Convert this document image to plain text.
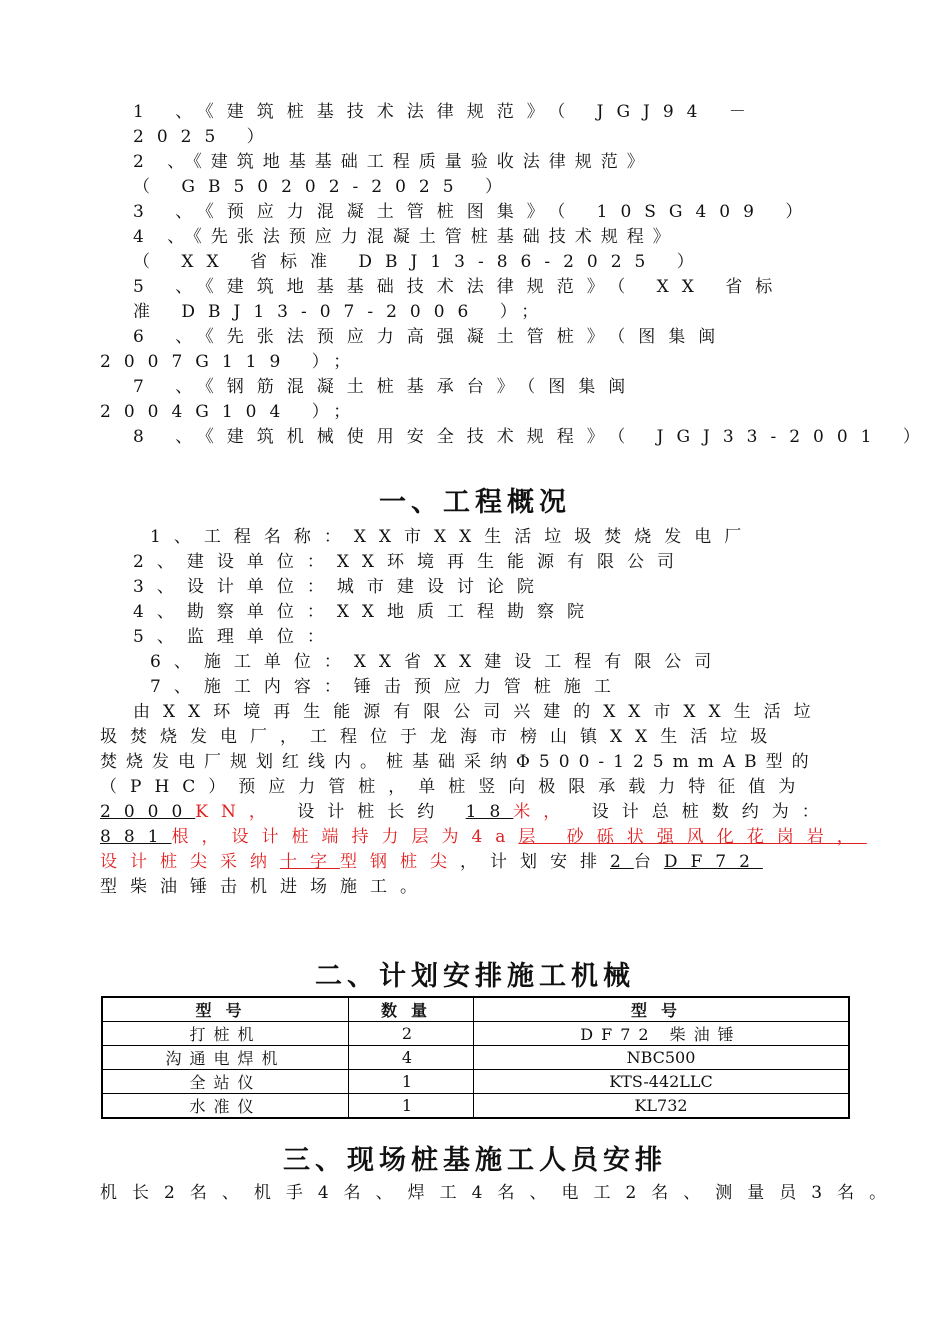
1 、《建筑桩基技术法律规范》（ JGJ94 －
2025 ）
2 、《建筑地基基础工程质量验收法律规范》
（ GB50202-2025 ）
3 、《预应力混凝土管桩图集》（ 10SG409 ）
4 、《先张法预应力混凝土管桩基础技术规程》
（ XX 省标准 DBJ13-86-2025 ）
5 、《建筑地基基础技术法律规范》（ XX 省标
准 DBJ13-07-2006 ）；
6 、《先张法预应力高强凝土管桩》（图集闽
2007G119 ）；
7 、《钢筋混凝土桩基承台》（图集闽
2004G104 ）；
8 、《建筑机械使用安全技术规程》（ JGJ33-2001 ）
一、工程概况
1、工程名称：XX市XX生活垃圾焚烧发电厂
2、建设单位：XX环境再生能源有限公司
3、设计单位：城市建设讨论院
4、勘察单位：XX地质工程勘察院
5、监理单位：
6、施工单位：XX省XX建设工程有限公司
7、施工内容：锤击预应力管桩施工
由XX环境再生能源有限公司兴建的XX市XX生活垃
圾焚烧发电厂，工程位于龙海市榜山镇XX生活垃圾
焚烧发电厂规划红线内。桩基础采纳Φ500-125mmAB型的
（PHC）预应力管桩，单桩竖向极限承载力特征值为
2000KN， 设计桩长约 18米， 设计总桩数约为：
881根，设计桩端持力层为4a层 砂砾状强风化花岗岩，
设计桩尖采纳十字型钢桩尖，计划安排2台DF72
型柴油锤击机进场施工。
二、计划安排施工机械
型号	数量	型号
打桩机	2	DF72 柴油锤
沟通电焊机	4	NBC500
全站仪	1	KTS-442LLC
水准仪	1	KL732
三、现场桩基施工人员安排
机长2名、机手4名、焊工4名、电工2名、测量员3名。
